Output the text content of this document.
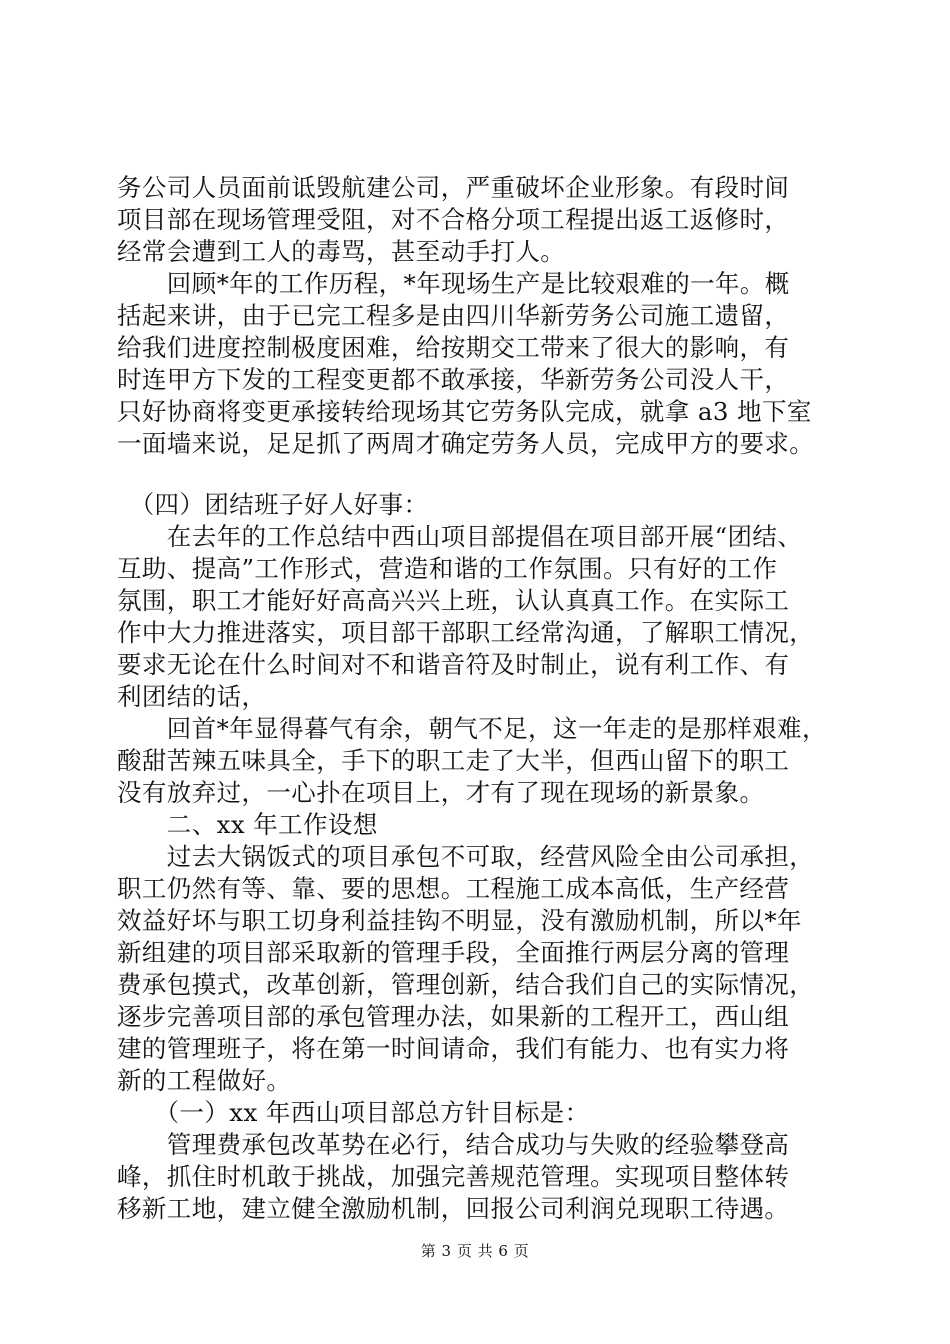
务公司人员面前诋毁航建公司，严重破坏企业形象。有段时间
项目部在现场管理受阻，对不合格分项工程提出返工返修时，
经常会遭到工人的毒骂，甚至动手打人。
　　回顾*年的工作历程，*年现场生产是比较艰难的一年。概
括起来讲，由于已完工程多是由四川华新劳务公司施工遗留，
给我们进度控制极度困难，给按期交工带来了很大的影响，有
时连甲方下发的工程变更都不敢承接，华新劳务公司没人干，
只好协商将变更承接转给现场其它劳务队完成，就拿 a3 地下室
一面墙来说，足足抓了两周才确定劳务人员，完成甲方的要求。
　（四）团结班子好人好事：
　　在去年的工作总结中西山项目部提倡在项目部开展“团结、
互助、提高”工作形式，营造和谐的工作氛围。只有好的工作
氛围，职工才能好好高高兴兴上班，认认真真工作。在实际工
作中大力推进落实，项目部干部职工经常沟通，了解职工情况，
要求无论在什么时间对不和谐音符及时制止，说有利工作、有
利团结的话，
　　回首*年显得暮气有余，朝气不足，这一年走的是那样艰难，
酸甜苦辣五味具全，手下的职工走了大半，但西山留下的职工
没有放弃过，一心扑在项目上，才有了现在现场的新景象。
　　二、xx 年工作设想
　　过去大锅饭式的项目承包不可取，经营风险全由公司承担，
职工仍然有等、靠、要的思想。工程施工成本高低，生产经营
效益好坏与职工切身利益挂钩不明显，没有激励机制，所以*年
新组建的项目部采取新的管理手段，全面推行两层分离的管理
费承包摸式，改革创新，管理创新，结合我们自己的实际情况，
逐步完善项目部的承包管理办法，如果新的工程开工，西山组
建的管理班子，将在第一时间请命，我们有能力、也有实力将
新的工程做好。
　　（一）xx 年西山项目部总方针目标是：
　　管理费承包改革势在必行，结合成功与失败的经验攀登高
峰，抓住时机敢于挑战，加强完善规范管理。实现项目整体转
移新工地，建立健全激励机制，回报公司利润兑现职工待遇。
第 3 页 共 6 页
